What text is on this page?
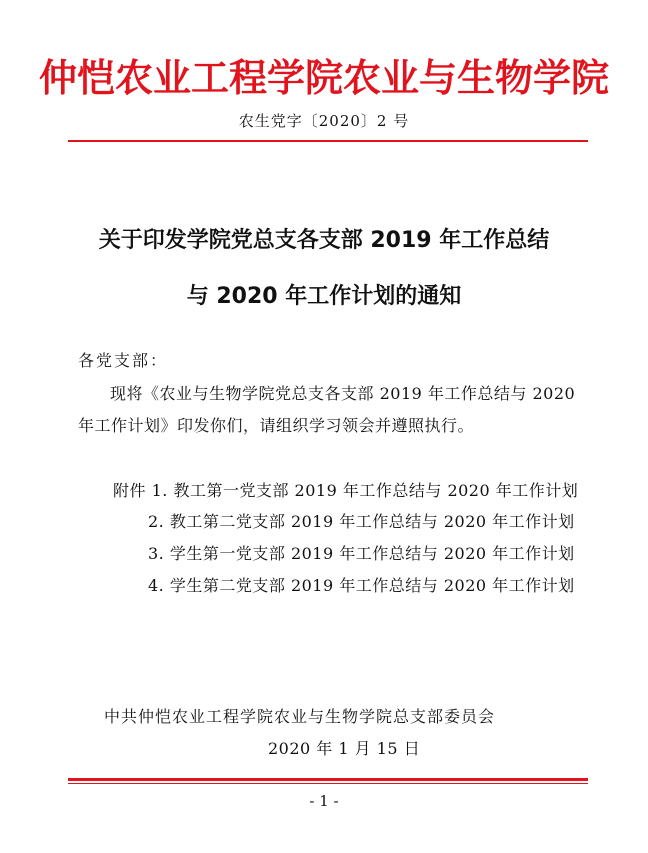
仲恺农业工程学院农业与生物学院
农生党字〔2020〕2 号
关于印发学院党总支各支部 2019 年工作总结
与 2020 年工作计划的通知
各党支部：
现将《农业与生物学院党总支各支部 2019 年工作总结与 2020 年工作计划》印发你们，请组织学习领会并遵照执行。
附件 1. 教工第一党支部 2019 年工作总结与 2020 年工作计划
2. 教工第二党支部 2019 年工作总结与 2020 年工作计划
3. 学生第一党支部 2019 年工作总结与 2020 年工作计划
4. 学生第二党支部 2019 年工作总结与 2020 年工作计划
中共仲恺农业工程学院农业与生物学院总支部委员会
2020 年 1 月 15 日
- 1 -
